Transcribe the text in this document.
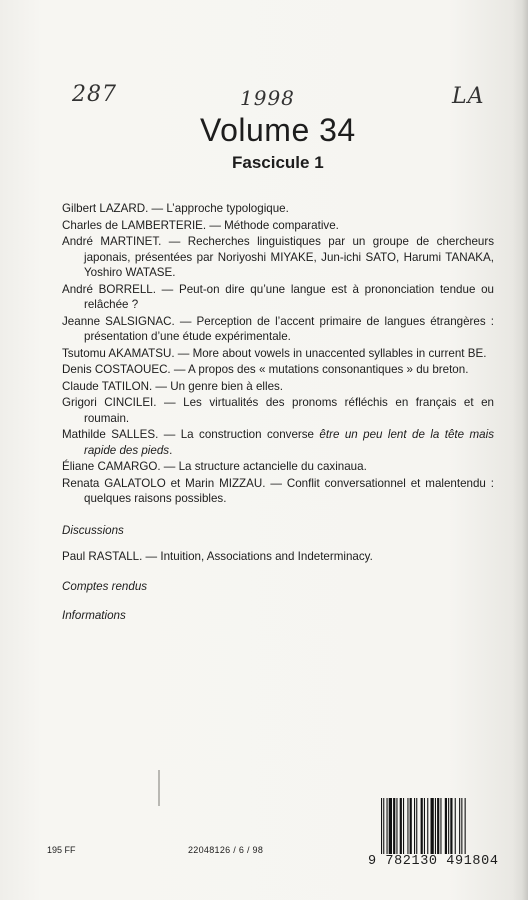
287	1998	LA
Volume 34
Fascicule 1

Gilbert LAZARD. — L’approche typologique.

Charles de LAMBERTERIE. — Méthode comparative.

André MARTINET. — Recherches linguistiques par un groupe de chercheurs japonais, présentées par Noriyoshi MIYAKE, Jun-ichi SATO, Harumi TANAKA, Yoshiro WATASE.

André BORRELL. — Peut-on dire qu’une langue est à prononciation tendue ou relâchée ?

Jeanne SALSIGNAC. — Perception de l’accent primaire de langues étrangères : présentation d’une étude expérimentale.

Tsutomu AKAMATSU. — More about vowels in unaccented syllables in current BE.

Denis COSTAOUEC. — A propos des « mutations consonantiques » du breton.

Claude TATILON. — Un genre bien à elles.

Grigori CINCILEI. — Les virtualités des pronoms réfléchis en français et en roumain.

Mathilde SALLES. — La construction converse être un peu lent de la tête mais rapide des pieds.

Éliane CAMARGO. — La structure actancielle du caxinaua.

Renata GALATOLO et Marin MIZZAU. — Conflit conversationnel et malentendu : quelques raisons possibles.

Discussions

Paul RASTALL. — Intuition, Associations and Indeterminacy.

Comptes rendus

Informations

195 FF	22048126 / 6 / 98
9 782130 491804
